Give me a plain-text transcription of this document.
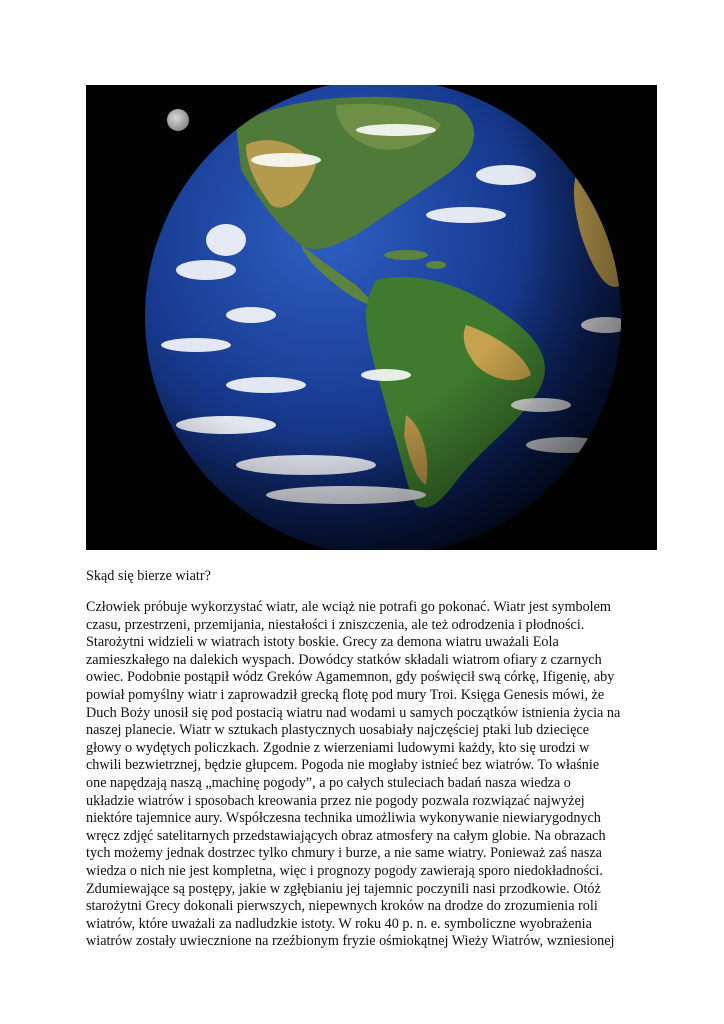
Skąd się bierze wiatr?
Człowiek próbuje wykorzystać wiatr, ale wciąż nie potrafi go pokonać. Wiatr jest symbolem
czasu, przestrzeni, przemijania, niestałości i zniszczenia, ale też odrodzenia i płodności.
Starożytni widzieli w wiatrach istoty boskie. Grecy za demona wiatru uważali Eola
zamieszkałego na dalekich wyspach. Dowódcy statków składali wiatrom ofiary z czarnych
owiec. Podobnie postąpił wódz Greków Agamemnon, gdy poświęcił swą córkę, Ifigenię, aby
powiał pomyślny wiatr i zaprowadził grecką flotę pod mury Troi. Księga Genesis mówi, że
Duch Boży unosił się pod postacią wiatru nad wodami u samych początków istnienia życia na
naszej planecie. Wiatr w sztukach plastycznych uosabiały najczęściej ptaki lub dziecięce
głowy o wydętych policzkach. Zgodnie z wierzeniami ludowymi każdy, kto się urodzi w
chwili bezwietrznej, będzie głupcem. Pogoda nie mogłaby istnieć bez wiatrów. To właśnie
one napędzają naszą „machinę pogody”, a po całych stuleciach badań nasza wiedza o
układzie wiatrów i sposobach kreowania przez nie pogody pozwala rozwiązać najwyżej
niektóre tajemnice aury. Współczesna technika umożliwia wykonywanie niewiarygodnych
wręcz zdjęć satelitarnych przedstawiających obraz atmosfery na całym globie. Na obrazach
tych możemy jednak dostrzec tylko chmury i burze, a nie same wiatry. Ponieważ zaś nasza
wiedza o nich nie jest kompletna, więc i prognozy pogody zawierają sporo niedokładności.
Zdumiewające są postępy, jakie w zgłębianiu jej tajemnic poczynili nasi przodkowie. Otóż
starożytni Grecy dokonali pierwszych, niepewnych kroków na drodze do zrozumienia roli
wiatrów, które uważali za nadludzkie istoty. W roku 40 p. n. e. symboliczne wyobrażenia
wiatrów zostały uwiecznione na rzeźbionym fryzie ośmiokątnej Wieży Wiatrów, wzniesionej
